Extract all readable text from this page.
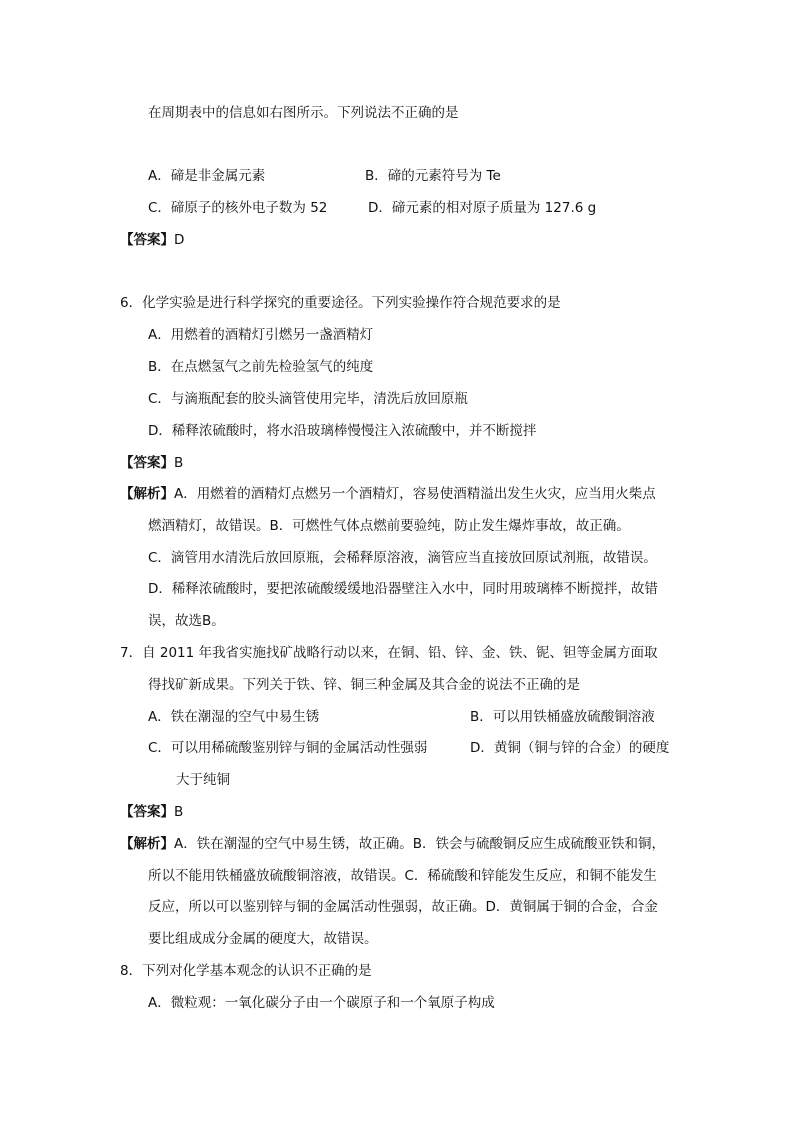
在周期表中的信息如右图所示。下列说法不正确的是
A．碲是非金属元素	B．碲的元素符号为 Te
C．碲原子的核外电子数为 52	D．碲元素的相对原子质量为 127.6 g
【答案】D
6．化学实验是进行科学探究的重要途径。下列实验操作符合规范要求的是
A．用燃着的酒精灯引燃另一盏酒精灯
B．在点燃氢气之前先检验氢气的纯度
C．与滴瓶配套的胶头滴管使用完毕，清洗后放回原瓶
D．稀释浓硫酸时，将水沿玻璃棒慢慢注入浓硫酸中，并不断搅拌
【答案】B
【解析】A．用燃着的酒精灯点燃另一个酒精灯，容易使酒精溢出发生火灾，应当用火柴点
燃酒精灯，故错误。B．可燃性气体点燃前要验纯，防止发生爆炸事故，故正确。
C．滴管用水清洗后放回原瓶，会稀释原溶液，滴管应当直接放回原试剂瓶，故错误。
D．稀释浓硫酸时，要把浓硫酸缓缓地沿器壁注入水中，同时用玻璃棒不断搅拌，故错
误，故选B。
7．自 2011 年我省实施找矿战略行动以来，在铜、铅、锌、金、铁、铌、钽等金属方面取
得找矿新成果。下列关于铁、锌、铜三种金属及其合金的说法不正确的是
A．铁在潮湿的空气中易生锈	B．可以用铁桶盛放硫酸铜溶液
C．可以用稀硫酸鉴别锌与铜的金属活动性强弱	D．黄铜（铜与锌的合金）的硬度
大于纯铜
【答案】B
【解析】A．铁在潮湿的空气中易生锈，故正确。B．铁会与硫酸铜反应生成硫酸亚铁和铜，
所以不能用铁桶盛放硫酸铜溶液，故错误。C．稀硫酸和锌能发生反应，和铜不能发生
反应，所以可以鉴别锌与铜的金属活动性强弱，故正确。D．黄铜属于铜的合金，合金
要比组成成分金属的硬度大，故错误。
8．下列对化学基本观念的认识不正确的是
A．微粒观：一氧化碳分子由一个碳原子和一个氧原子构成
